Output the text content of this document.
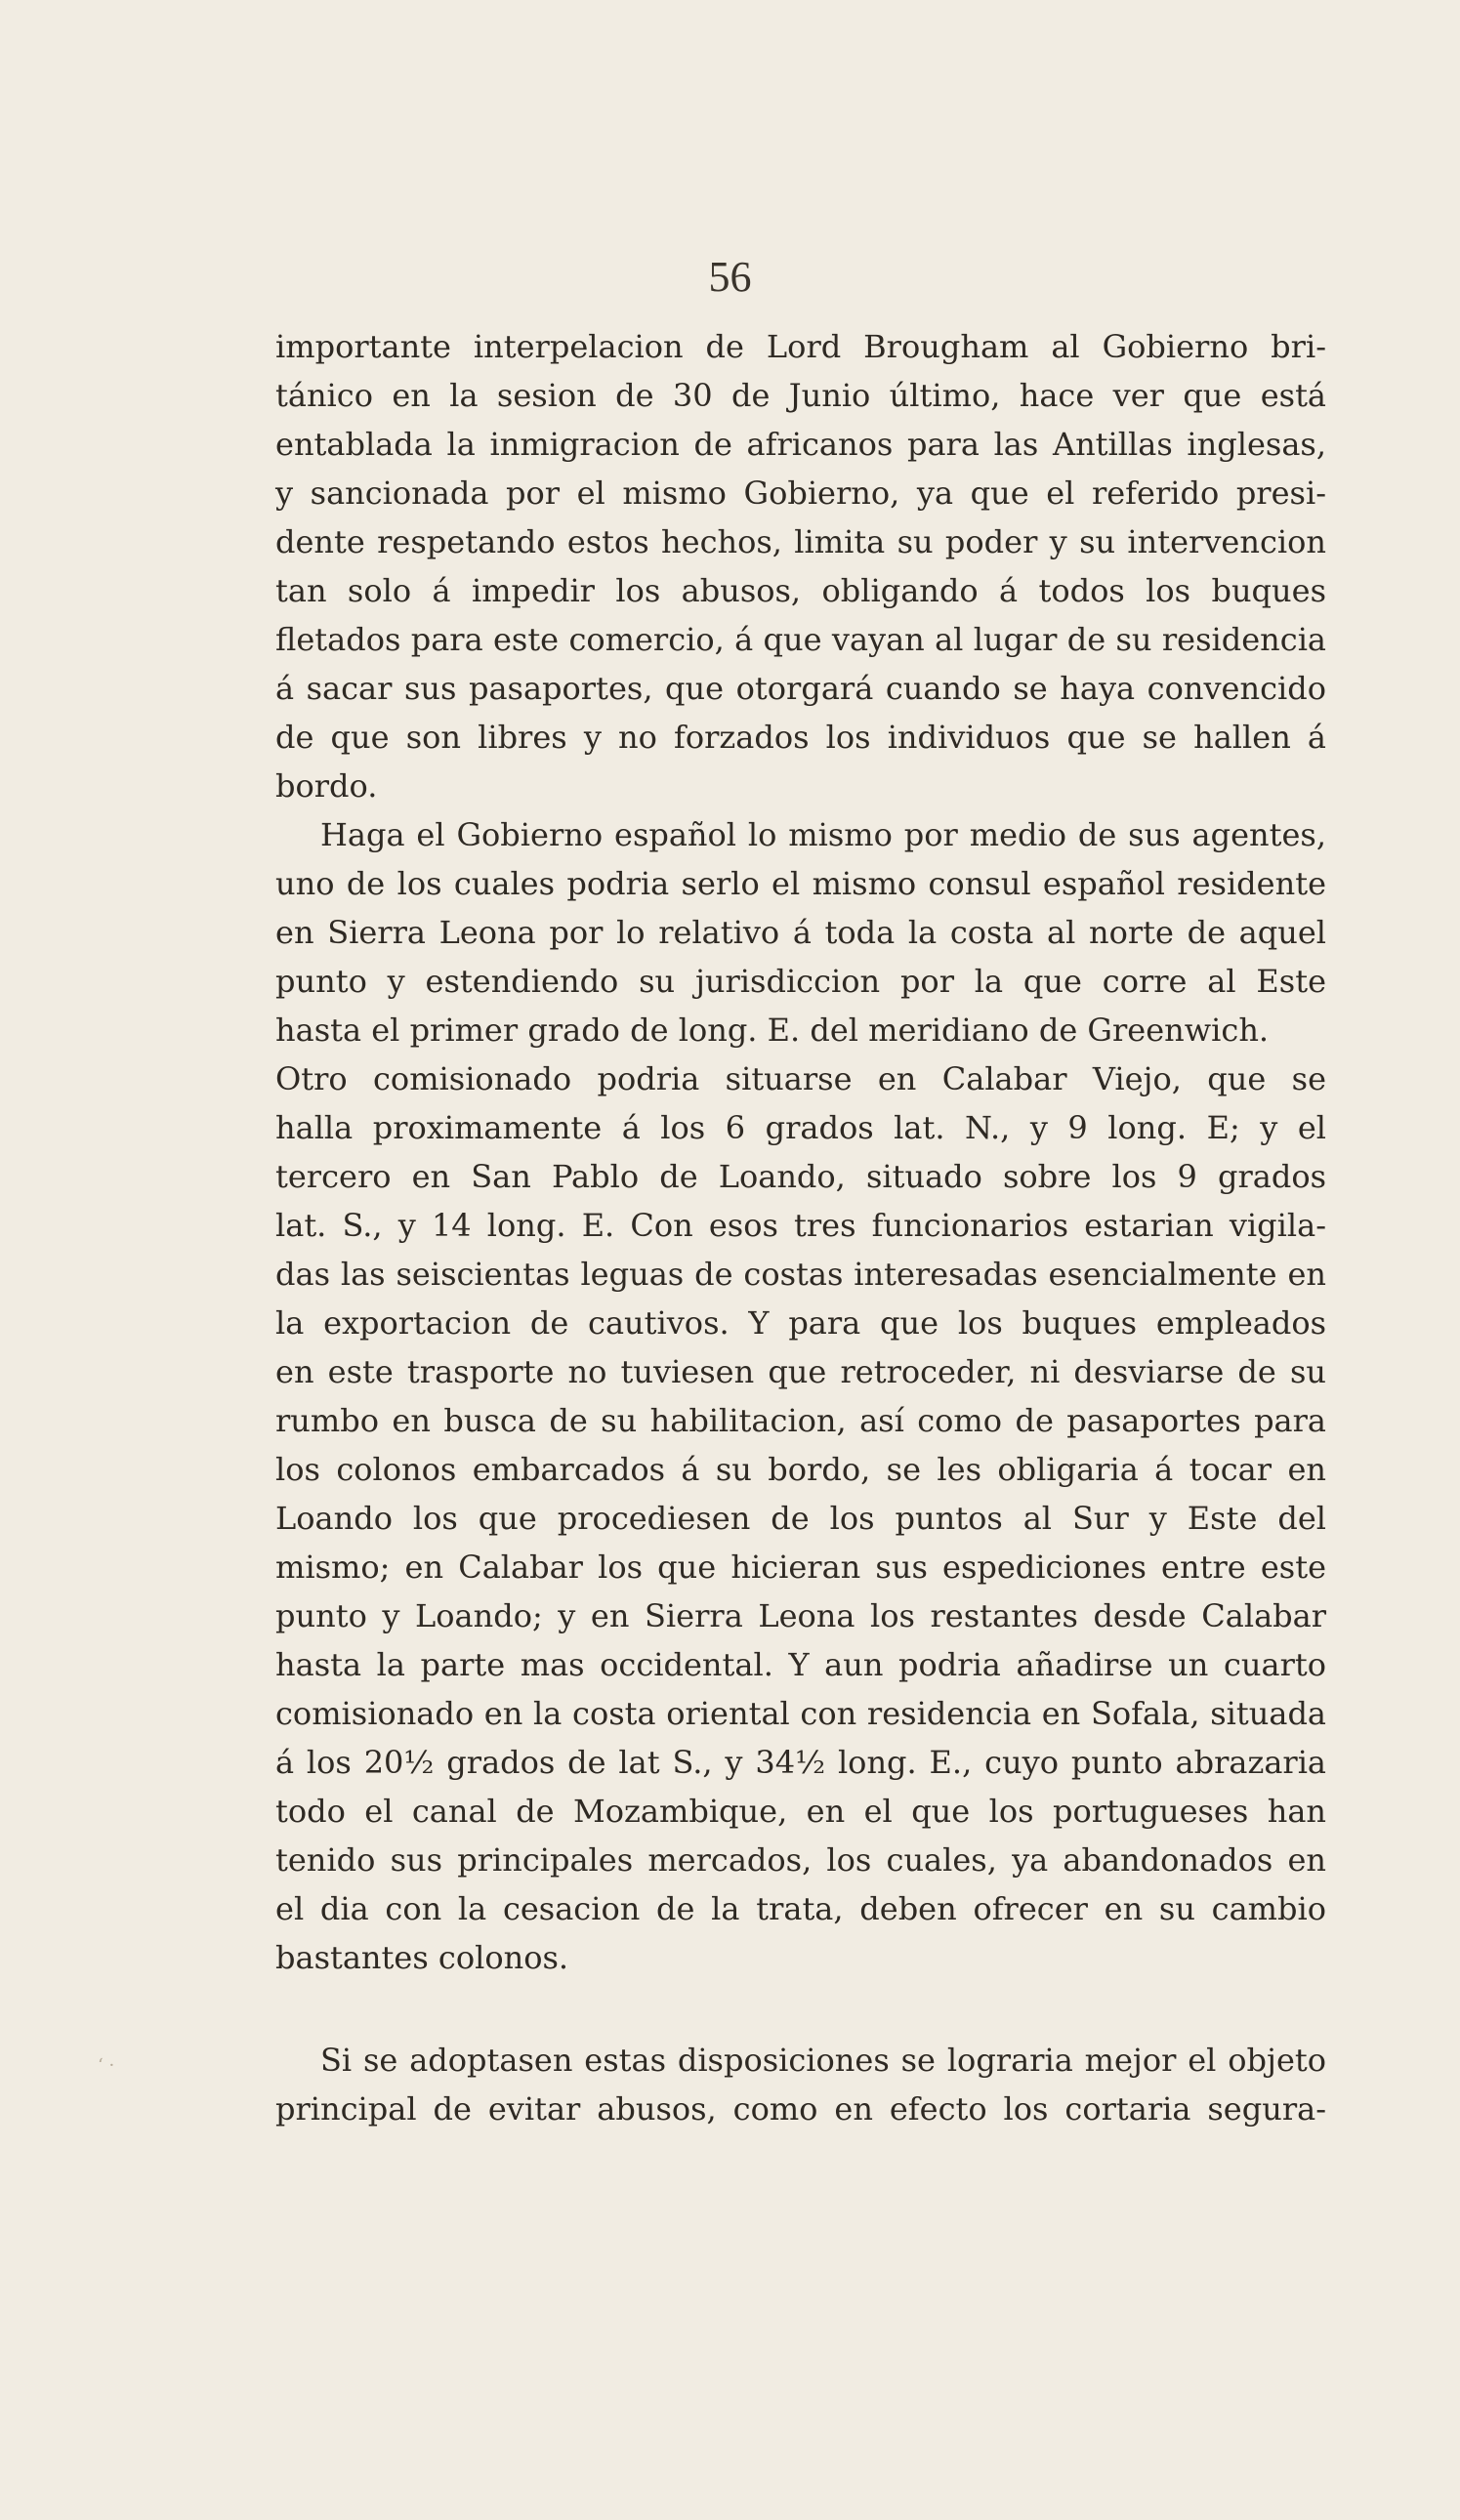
56
importante interpelacion de Lord Brougham al Gobierno bri-
tánico en la sesion de 30 de Junio último, hace ver que está
entablada la inmigracion de africanos para las Antillas inglesas,
y sancionada por el mismo Gobierno, ya que el referido presi-
dente respetando estos hechos, limita su poder y su intervencion
tan solo á impedir los abusos, obligando á todos los buques
fletados para este comercio, á que vayan al lugar de su residencia
á sacar sus pasaportes, que otorgará cuando se haya convencido
de que son libres y no forzados los individuos que se hallen á
bordo.
Haga el Gobierno español lo mismo por medio de sus agentes,
uno de los cuales podria serlo el mismo consul español residente
en Sierra Leona por lo relativo á toda la costa al norte de aquel
punto y estendiendo su jurisdiccion por la que corre al Este
hasta el primer grado de long. E. del meridiano de Greenwich.
Otro comisionado podria situarse en Calabar Viejo, que se
halla proximamente á los 6 grados lat. N., y 9 long. E; y el
tercero en San Pablo de Loando, situado sobre los 9 grados
lat. S., y 14 long. E. Con esos tres funcionarios estarian vigila-
das las seiscientas leguas de costas interesadas esencialmente en
la exportacion de cautivos. Y para que los buques empleados
en este trasporte no tuviesen que retroceder, ni desviarse de su
rumbo en busca de su habilitacion, así como de pasaportes para
los colonos embarcados á su bordo, se les obligaria á tocar en
Loando los que procediesen de los puntos al Sur y Este del
mismo; en Calabar los que hicieran sus espediciones entre este
punto y Loando; y en Sierra Leona los restantes desde Calabar
hasta la parte mas occidental. Y aun podria añadirse un cuarto
comisionado en la costa oriental con residencia en Sofala, situada
á los 20½ grados de lat S., y 34½ long. E., cuyo punto abrazaria
todo el canal de Mozambique, en el que los portugueses han
tenido sus principales mercados, los cuales, ya abandonados en
el dia con la cesacion de la trata, deben ofrecer en su cambio
bastantes colonos.
‘ ·	Si se adoptasen estas disposiciones se lograria mejor el objeto
principal de evitar abusos, como en efecto los cortaria segura-
